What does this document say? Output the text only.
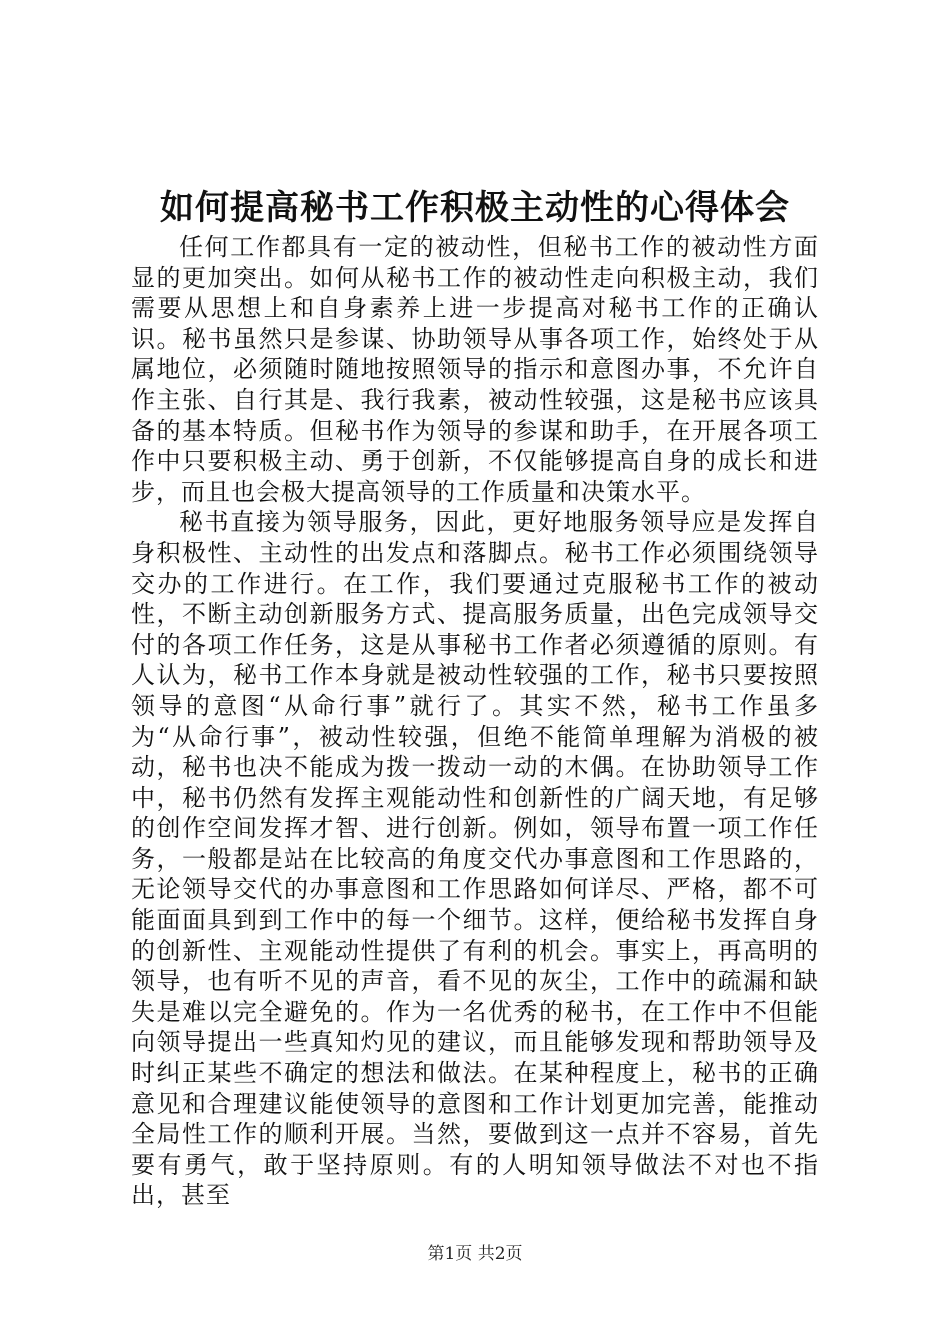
如何提高秘书工作积极主动性的心得体会

任何工作都具有一定的被动性，但秘书工作的被动性方面显的更加突出。如何从秘书工作的被动性走向积极主动，我们需要从思想上和自身素养上进一步提高对秘书工作的正确认识。秘书虽然只是参谋、协助领导从事各项工作，始终处于从属地位，必须随时随地按照领导的指示和意图办事，不允许自作主张、自行其是、我行我素，被动性较强，这是秘书应该具备的基本特质。但秘书作为领导的参谋和助手，在开展各项工作中只要积极主动、勇于创新，不仅能够提高自身的成长和进步，而且也会极大提高领导的工作质量和决策水平。

秘书直接为领导服务，因此，更好地服务领导应是发挥自身积极性、主动性的出发点和落脚点。秘书工作必须围绕领导交办的工作进行。在工作，我们要通过克服秘书工作的被动性，不断主动创新服务方式、提高服务质量，出色完成领导交付的各项工作任务，这是从事秘书工作者必须遵循的原则。有人认为，秘书工作本身就是被动性较强的工作，秘书只要按照领导的意图“从命行事”就行了。其实不然，秘书工作虽多为“从命行事”，被动性较强，但绝不能简单理解为消极的被动，秘书也决不能成为拨一拨动一动的木偶。在协助领导工作中，秘书仍然有发挥主观能动性和创新性的广阔天地，有足够的创作空间发挥才智、进行创新。例如，领导布置一项工作任务，一般都是站在比较高的角度交代办事意图和工作思路的，无论领导交代的办事意图和工作思路如何详尽、严格，都不可能面面具到到工作中的每一个细节。这样，便给秘书发挥自身的创新性、主观能动性提供了有利的机会。事实上，再高明的领导，也有听不见的声音，看不见的灰尘，工作中的疏漏和缺失是难以完全避免的。作为一名优秀的秘书，在工作中不但能向领导提出一些真知灼见的建议，而且能够发现和帮助领导及时纠正某些不确定的想法和做法。在某种程度上，秘书的正确意见和合理建议能使领导的意图和工作计划更加完善，能推动全局性工作的顺利开展。当然，要做到这一点并不容易，首先要有勇气，敢于坚持原则。有的人明知领导做法不对也不指出，甚至

第1页 共2页
